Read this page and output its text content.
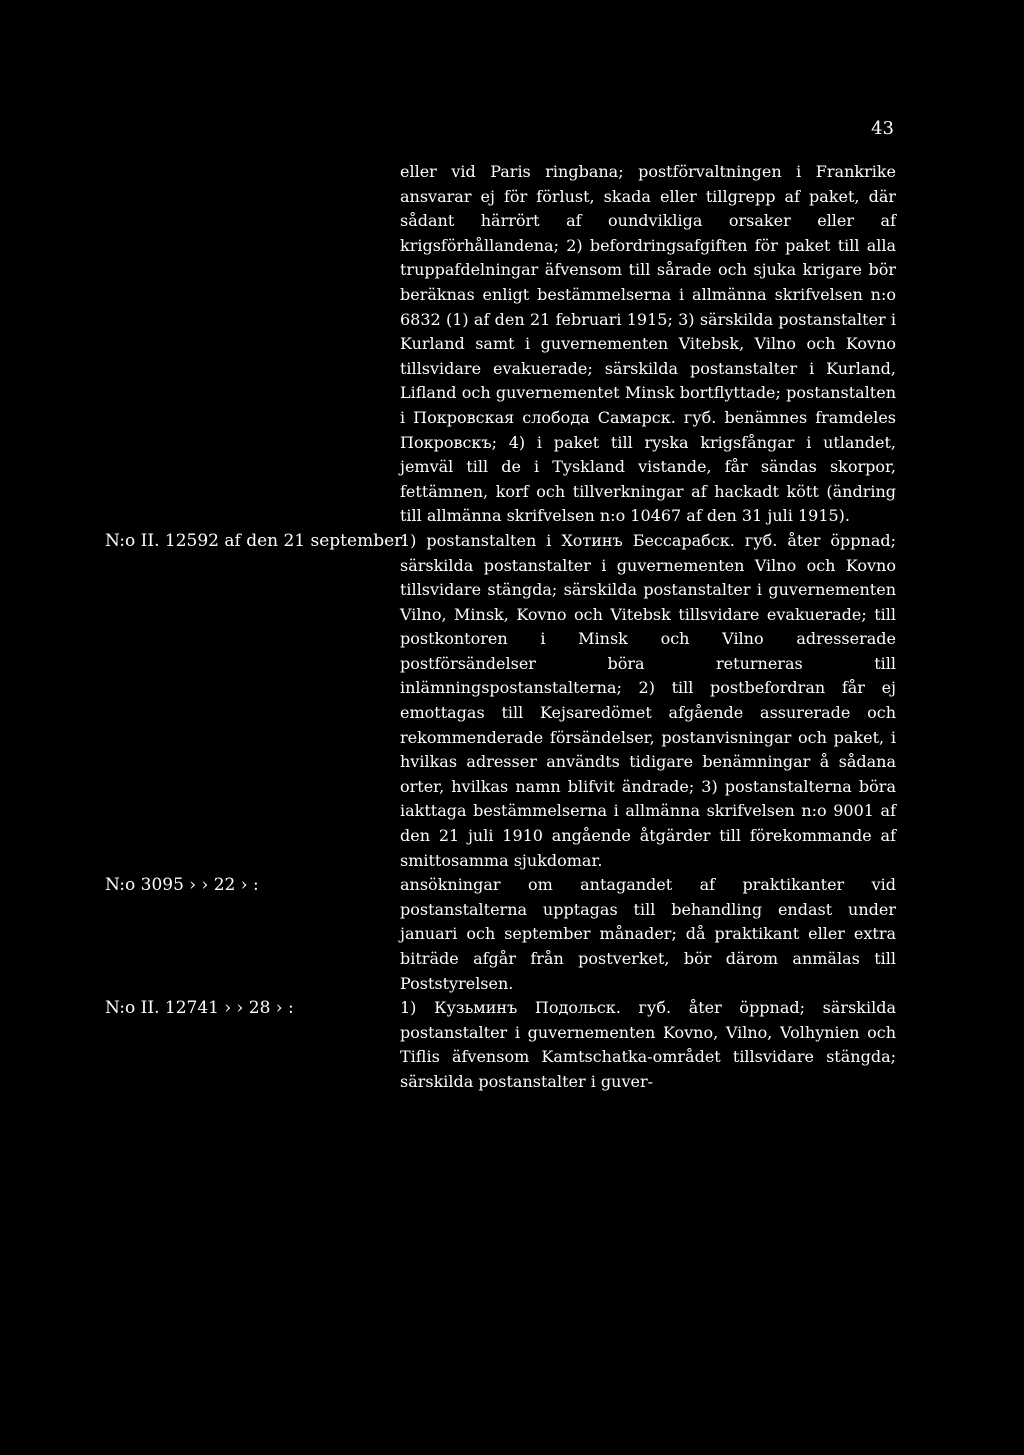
43
eller vid Paris ringbana; postförvaltningen i Frankrike ansvarar ej för förlust, skada eller tillgrepp af paket, där sådant härrört af oundvikliga orsaker eller af krigsförhållandena; 2) befordringsafgiften för paket till alla truppafdelningar äfvensom till sårade och sjuka krigare bör beräknas enligt bestämmelserna i allmänna skrifvelsen n:o 6832 (1) af den 21 februari 1915; 3) särskilda postanstalter i Kurland samt i guvernementen Vitebsk, Vilno och Kovno tillsvidare evakuerade; särskilda postanstalter i Kurland, Lifland och guvernementet Minsk bortflyttade; postanstalten i Покровская слобода Самарск. губ. benämnes framdeles Покровскъ; 4) i paket till ryska krigsfångar i utlandet, jemväl till de i Tyskland vistande, får sändas skorpor, fettämnen, korf och tillverkningar af hackadt kött (ändring till allmänna skrifvelsen n:o 10467 af den 31 juli 1915).
N:o II. 12592 af den 21 september:
1) postanstalten i Хотинъ Бессарабск. губ. åter öppnad; särskilda postanstalter i guvernementen Vilno och Kovno tillsvidare stängda; särskilda postanstalter i guvernementen Vilno, Minsk, Kovno och Vitebsk tillsvidare evakuerade; till postkontoren i Minsk och Vilno adresserade postförsändelser böra returneras till inlämningspostanstalterna; 2) till postbefordran får ej emottagas till Kejsaredömet afgående assurerade och rekommenderade försändelser, postanvisningar och paket, i hvilkas adresser användts tidigare benämningar å sådana orter, hvilkas namn blifvit ändrade; 3) postanstalterna böra iakttaga bestämmelserna i allmänna skrifvelsen n:o 9001 af den 21 juli 1910 angående åtgärder till förekommande af smittosamma sjukdomar.
N:o 3095 › › 22 › :	ansökningar om antagandet af praktikanter vid postanstalterna upptagas till behandling endast under januari och september månader; då praktikant eller extra biträde afgår från postverket, bör därom anmälas till Poststyrelsen.
N:o II. 12741 › › 28 › :	1) Кузьминъ Подольск. губ. åter öppnad; särskilda postanstalter i guvernementen Kovno, Vilno, Volhynien och Tiflis äfvensom Kamtschatka-området tillsvidare stängda; särskilda postanstalter i guver-
